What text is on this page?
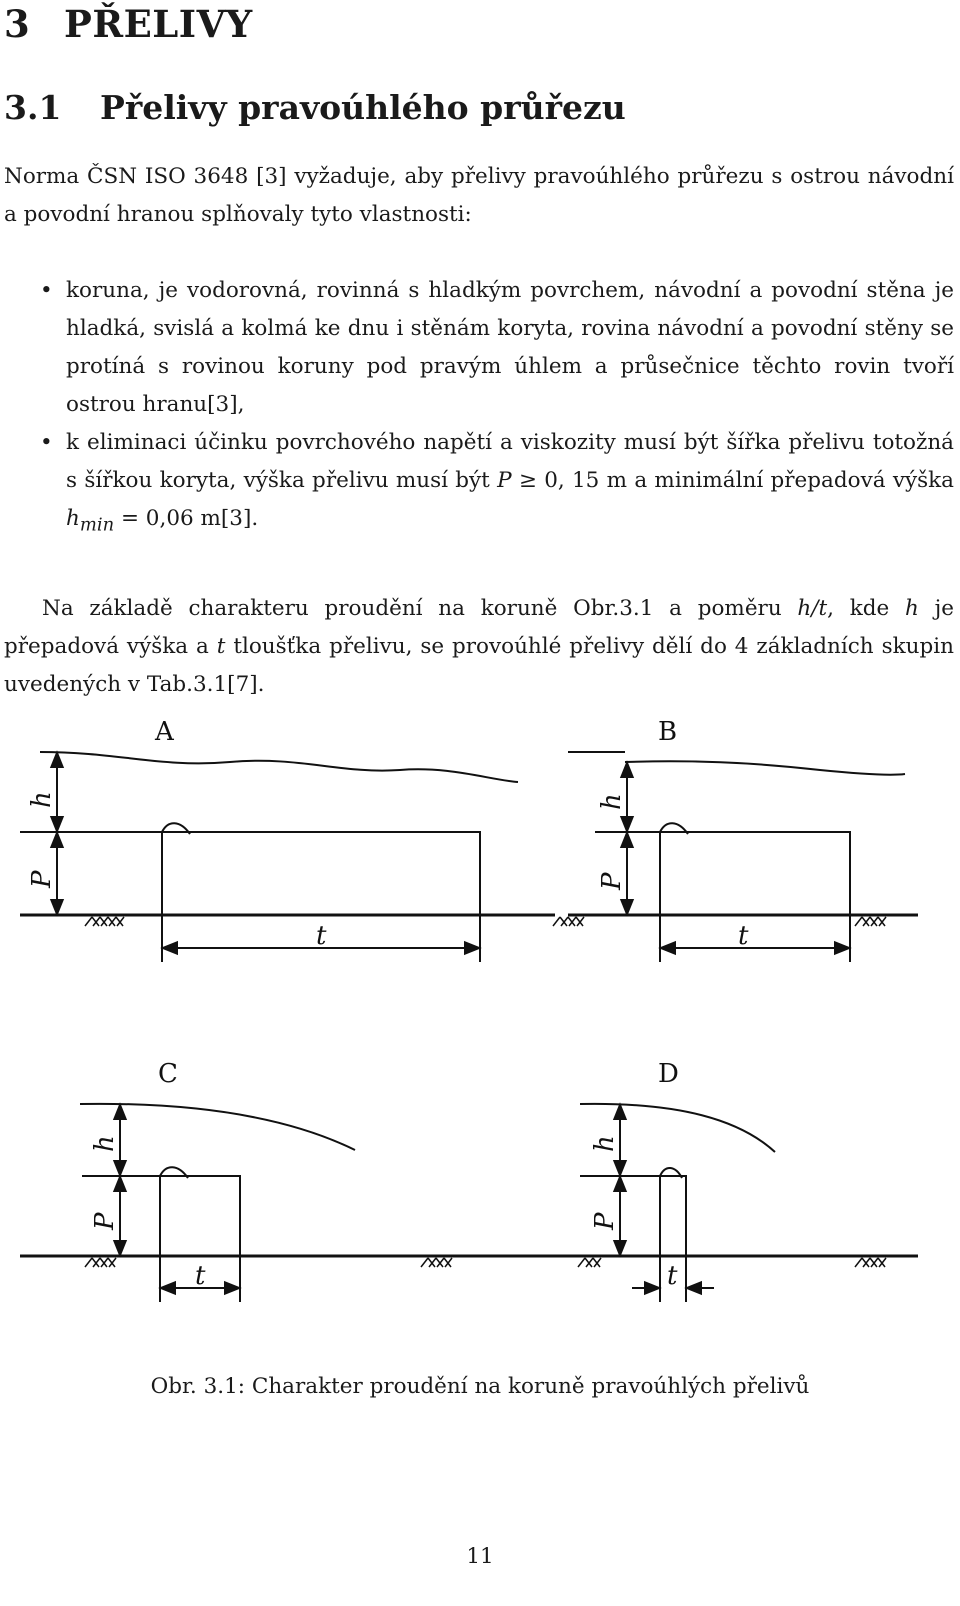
3 PŘELIVY
3.1 Přelivy pravoúhlého průřezu
Norma ČSN ISO 3648 [3] vyžaduje, aby přelivy pravoúhlého průřezu s ostrou návodní a povodní hranou splňovaly tyto vlastnosti:
• koruna, je vodorovná, rovinná s hladkým povrchem, návodní a povodní stěna je hladká, svislá a kolmá ke dnu i stěnám koryta, rovina návodní a povodní stěny se protíná s rovinou koruny pod pravým úhlem a průsečnice těchto rovin tvoří ostrou hranu[3],
• k eliminaci účinku povrchového napětí a viskozity musí být šířka přelivu totožná s šířkou koryta, výška přelivu musí být P ≥ 0, 15 m a minimální přepadová výška $h_{min} = 0,06$ m[3].
Na základě charakteru proudění na koruně Obr.3.1 a poměru h/t, kde h je přepadová výška a t tloušťka přelivu, se provoúhlé přelivy dělí do 4 základních skupin uvedených v Tab.3.1[7].
A	B
C	D
h
P
t
h
P
t
h
P
t
h
P
t
Obr. 3.1: Charakter proudění na koruně pravoúhlých přelivů
11
